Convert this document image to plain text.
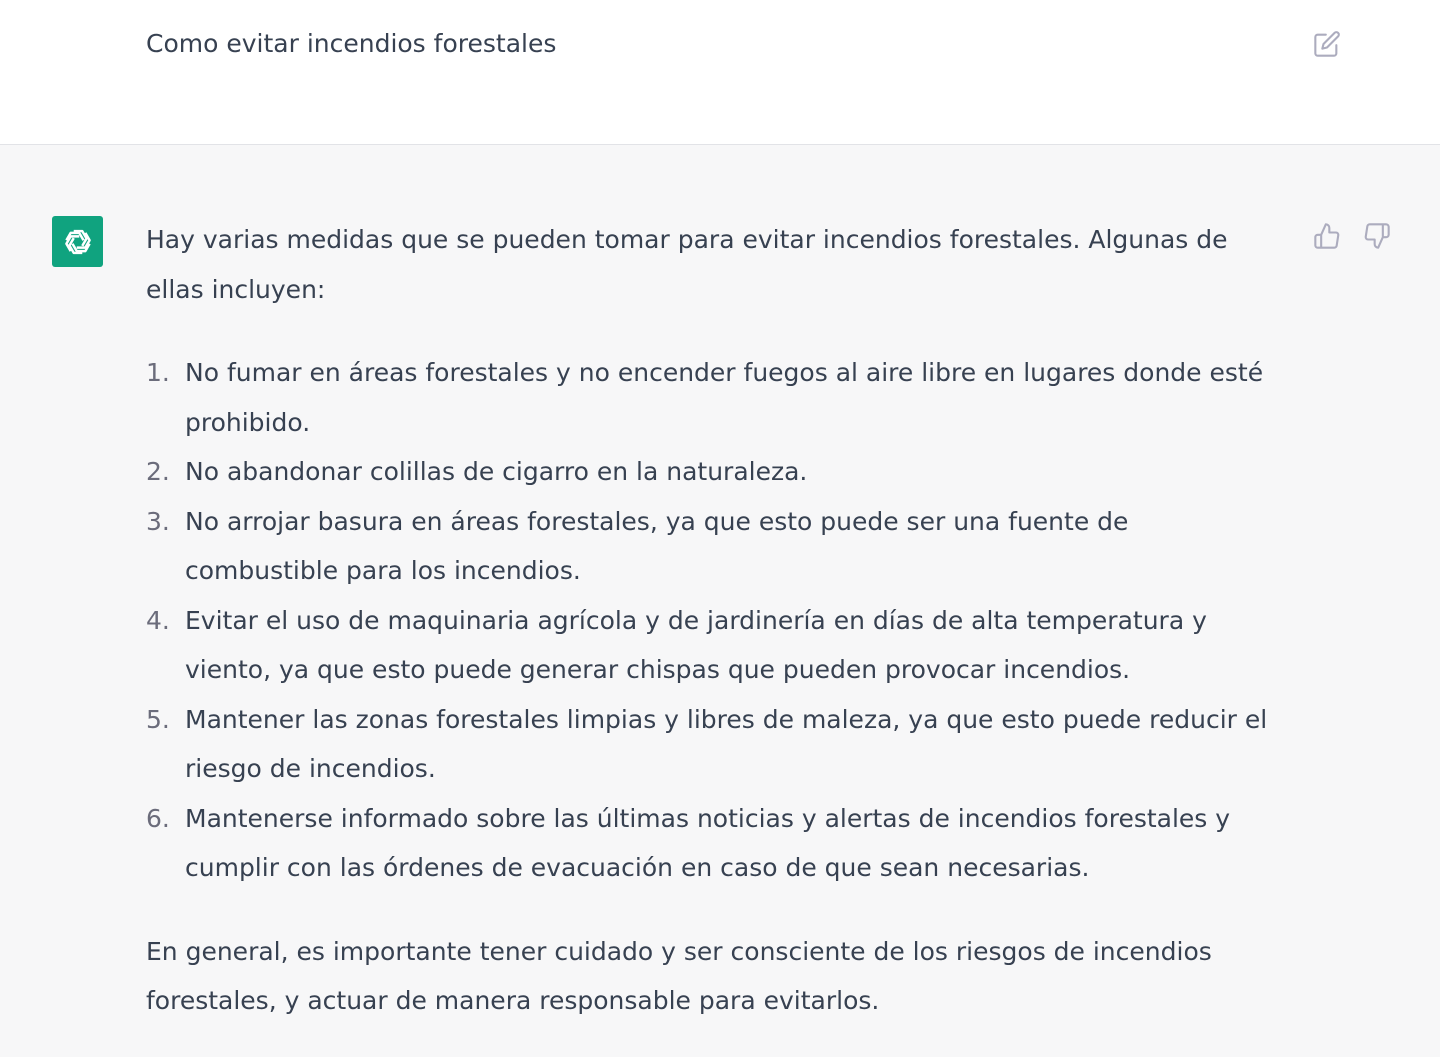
Como evitar incendios forestales

Hay varias medidas que se pueden tomar para evitar incendios forestales. Algunas de ellas incluyen:

1. No fumar en áreas forestales y no encender fuegos al aire libre en lugares donde esté prohibido.
2. No abandonar colillas de cigarro en la naturaleza.
3. No arrojar basura en áreas forestales, ya que esto puede ser una fuente de combustible para los incendios.
4. Evitar el uso de maquinaria agrícola y de jardinería en días de alta temperatura y viento, ya que esto puede generar chispas que pueden provocar incendios.
5. Mantener las zonas forestales limpias y libres de maleza, ya que esto puede reducir el riesgo de incendios.
6. Mantenerse informado sobre las últimas noticias y alertas de incendios forestales y cumplir con las órdenes de evacuación en caso de que sean necesarias.

En general, es importante tener cuidado y ser consciente de los riesgos de incendios forestales, y actuar de manera responsable para evitarlos.
